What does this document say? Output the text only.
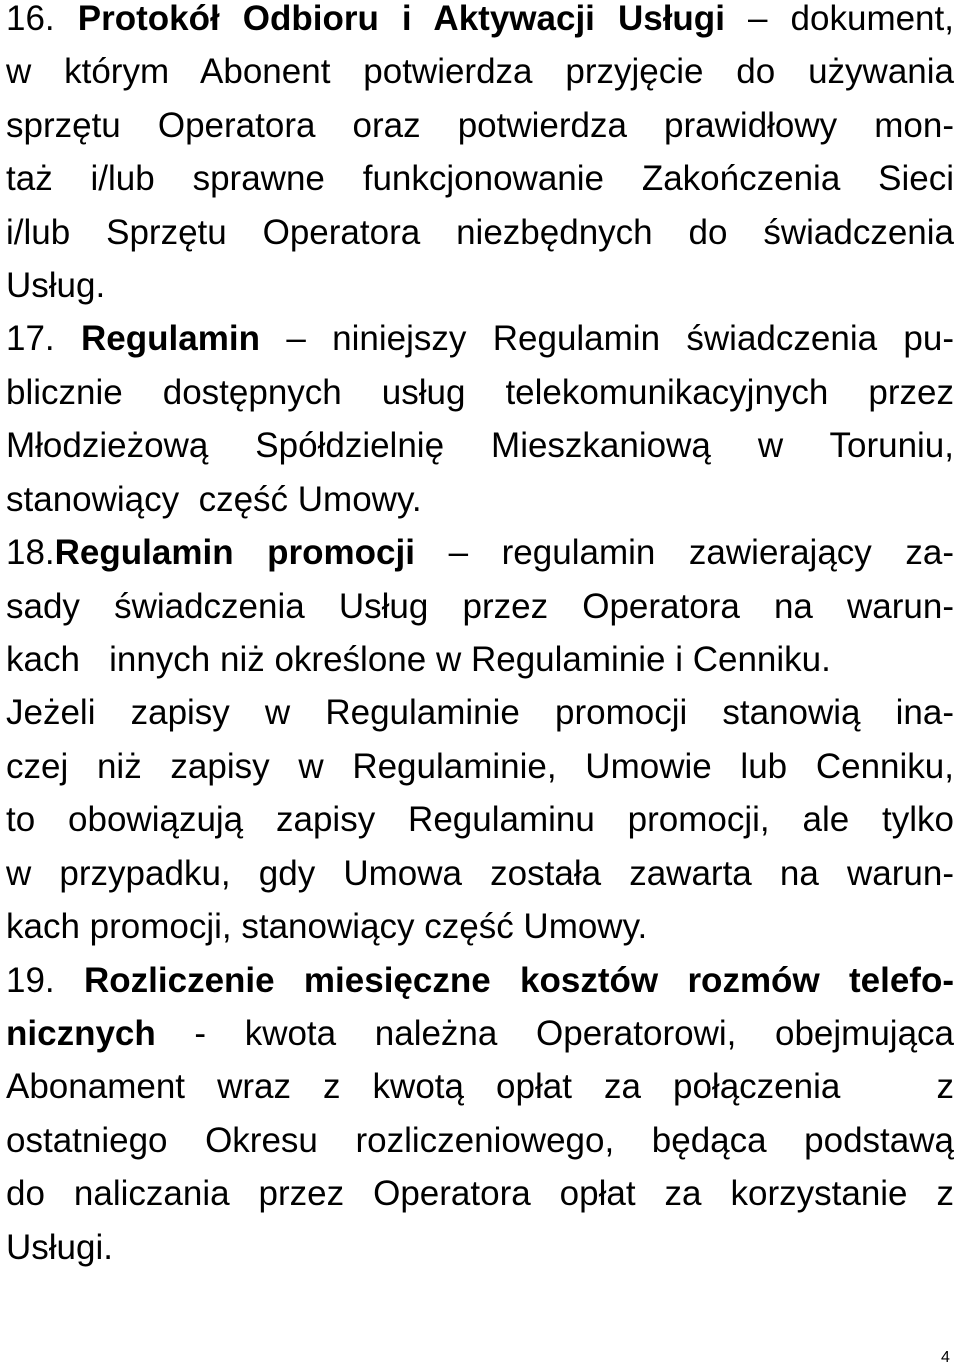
16. Protokół Odbioru i Aktywacji Usługi – dokument,
w którym Abonent potwierdza przyjęcie do używania
sprzętu Operatora oraz potwierdza prawidłowy mon-
taż i/lub sprawne funkcjonowanie Zakończenia Sieci
i/lub Sprzętu Operatora niezbędnych do świadczenia
Usług.
17. Regulamin – niniejszy Regulamin świadczenia pu-
blicznie dostępnych usług telekomunikacyjnych przez
Młodzieżową Spółdzielnię Mieszkaniową w Toruniu,
stanowiący  część Umowy.
18.Regulamin promocji – regulamin zawierający za-
sady świadczenia Usług przez Operatora na warun-
kach   innych niż określone w Regulaminie i Cenniku.
Jeżeli zapisy w Regulaminie promocji stanowią ina-
czej niż zapisy w Regulaminie, Umowie lub Cenniku,
to obowiązują zapisy Regulaminu promocji, ale tylko
w przypadku, gdy Umowa została zawarta na warun-
kach promocji, stanowiący część Umowy.
19. Rozliczenie miesięczne kosztów rozmów telefo-
nicznych - kwota należna Operatorowi, obejmująca
Abonament wraz z kwotą opłat za połączenia   z
ostatniego Okresu rozliczeniowego, będąca podstawą
do naliczania przez Operatora opłat za korzystanie z
Usługi.
4
